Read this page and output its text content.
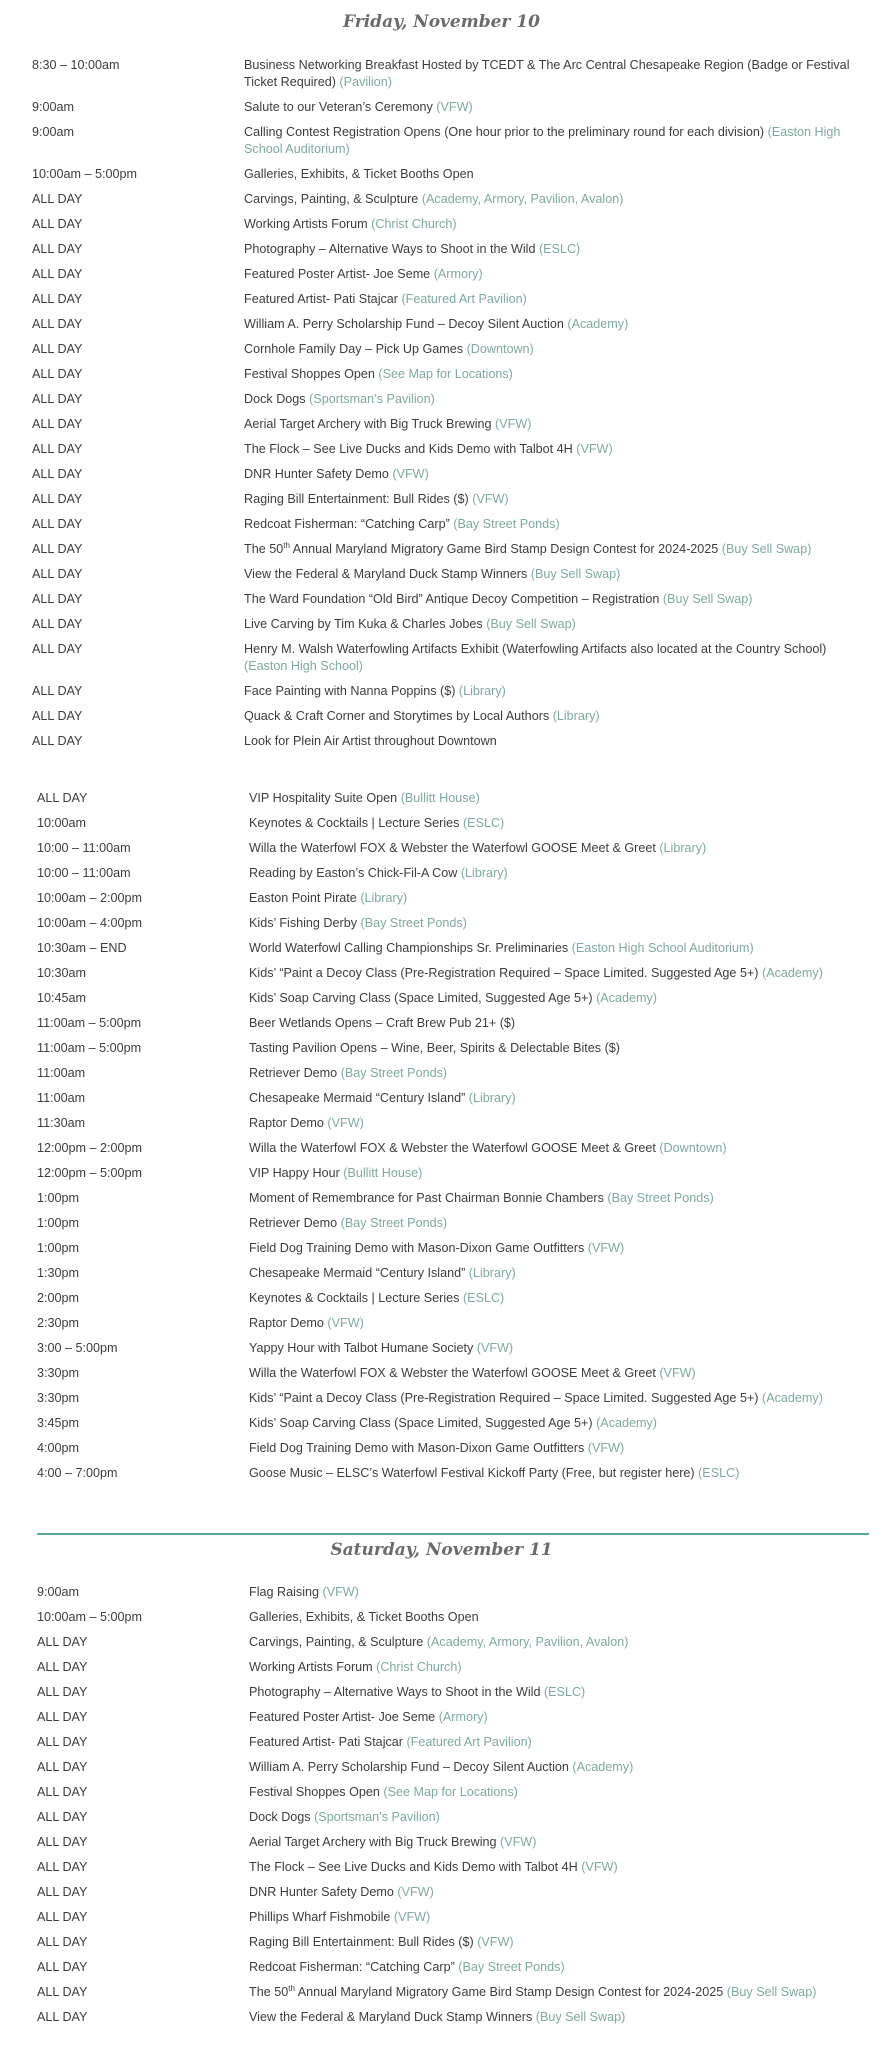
Friday, November 10
8:30 – 10:00am	Business Networking Breakfast Hosted by TCEDT & The Arc Central Chesapeake Region (Badge or Festival Ticket Required) (Pavilion)
9:00am	Salute to our Veteran’s Ceremony (VFW)
9:00am	Calling Contest Registration Opens (One hour prior to the preliminary round for each division) (Easton High School Auditorium)
10:00am – 5:00pm	Galleries, Exhibits, & Ticket Booths Open
ALL DAY	Carvings, Painting, & Sculpture (Academy, Armory, Pavilion, Avalon)
ALL DAY	Working Artists Forum (Christ Church)
ALL DAY	Photography – Alternative Ways to Shoot in the Wild (ESLC)
ALL DAY	Featured Poster Artist- Joe Seme (Armory)
ALL DAY	Featured Artist- Pati Stajcar (Featured Art Pavilion)
ALL DAY	William A. Perry Scholarship Fund – Decoy Silent Auction (Academy)
ALL DAY	Cornhole Family Day – Pick Up Games (Downtown)
ALL DAY	Festival Shoppes Open (See Map for Locations)
ALL DAY	Dock Dogs (Sportsman’s Pavilion)
ALL DAY	Aerial Target Archery with Big Truck Brewing (VFW)
ALL DAY	The Flock – See Live Ducks and Kids Demo with Talbot 4H (VFW)
ALL DAY	DNR Hunter Safety Demo (VFW)
ALL DAY	Raging Bill Entertainment: Bull Rides ($) (VFW)
ALL DAY	Redcoat Fisherman: “Catching Carp” (Bay Street Ponds)
ALL DAY	The 50th Annual Maryland Migratory Game Bird Stamp Design Contest for 2024-2025 (Buy Sell Swap)
ALL DAY	View the Federal & Maryland Duck Stamp Winners (Buy Sell Swap)
ALL DAY	The Ward Foundation “Old Bird” Antique Decoy Competition – Registration (Buy Sell Swap)
ALL DAY	Live Carving by Tim Kuka & Charles Jobes (Buy Sell Swap)
ALL DAY	Henry M. Walsh Waterfowling Artifacts Exhibit (Waterfowling Artifacts also located at the Country School) (Easton High School)
ALL DAY	Face Painting with Nanna Poppins ($) (Library)
ALL DAY	Quack & Craft Corner and Storytimes by Local Authors (Library)
ALL DAY	Look for Plein Air Artist throughout Downtown
ALL DAY	VIP Hospitality Suite Open (Bullitt House)
10:00am	Keynotes & Cocktails | Lecture Series (ESLC)
10:00 – 11:00am	Willa the Waterfowl FOX & Webster the Waterfowl GOOSE Meet & Greet (Library)
10:00 – 11:00am	Reading by Easton’s Chick-Fil-A Cow (Library)
10:00am – 2:00pm	Easton Point Pirate (Library)
10:00am – 4:00pm	Kids’ Fishing Derby (Bay Street Ponds)
10:30am – END	World Waterfowl Calling Championships Sr. Preliminaries (Easton High School Auditorium)
10:30am	Kids’ “Paint a Decoy Class (Pre-Registration Required – Space Limited. Suggested Age 5+) (Academy)
10:45am	Kids’ Soap Carving Class (Space Limited, Suggested Age 5+) (Academy)
11:00am – 5:00pm	Beer Wetlands Opens – Craft Brew Pub 21+ ($)
11:00am – 5:00pm	Tasting Pavilion Opens – Wine, Beer, Spirits & Delectable Bites ($)
11:00am	Retriever Demo (Bay Street Ponds)
11:00am	Chesapeake Mermaid “Century Island” (Library)
11:30am	Raptor Demo (VFW)
12:00pm – 2:00pm	Willa the Waterfowl FOX & Webster the Waterfowl GOOSE Meet & Greet (Downtown)
12:00pm – 5:00pm	VIP Happy Hour (Bullitt House)
1:00pm	Moment of Remembrance for Past Chairman Bonnie Chambers (Bay Street Ponds)
1:00pm	Retriever Demo (Bay Street Ponds)
1:00pm	Field Dog Training Demo with Mason-Dixon Game Outfitters (VFW)
1:30pm	Chesapeake Mermaid “Century Island” (Library)
2:00pm	Keynotes & Cocktails | Lecture Series (ESLC)
2:30pm	Raptor Demo (VFW)
3:00 – 5:00pm	Yappy Hour with Talbot Humane Society (VFW)
3:30pm	Willa the Waterfowl FOX & Webster the Waterfowl GOOSE Meet & Greet (VFW)
3:30pm	Kids’ “Paint a Decoy Class (Pre-Registration Required – Space Limited. Suggested Age 5+) (Academy)
3:45pm	Kids’ Soap Carving Class (Space Limited, Suggested Age 5+) (Academy)
4:00pm	Field Dog Training Demo with Mason-Dixon Game Outfitters (VFW)
4:00 – 7:00pm	Goose Music – ELSC’s Waterfowl Festival Kickoff Party (Free, but register here) (ESLC)
Saturday, November 11
9:00am	Flag Raising (VFW)
10:00am – 5:00pm	Galleries, Exhibits, & Ticket Booths Open
ALL DAY	Carvings, Painting, & Sculpture (Academy, Armory, Pavilion, Avalon)
ALL DAY	Working Artists Forum (Christ Church)
ALL DAY	Photography – Alternative Ways to Shoot in the Wild (ESLC)
ALL DAY	Featured Poster Artist- Joe Seme (Armory)
ALL DAY	Featured Artist- Pati Stajcar (Featured Art Pavilion)
ALL DAY	William A. Perry Scholarship Fund – Decoy Silent Auction (Academy)
ALL DAY	Festival Shoppes Open (See Map for Locations)
ALL DAY	Dock Dogs (Sportsman’s Pavilion)
ALL DAY	Aerial Target Archery with Big Truck Brewing (VFW)
ALL DAY	The Flock – See Live Ducks and Kids Demo with Talbot 4H (VFW)
ALL DAY	DNR Hunter Safety Demo (VFW)
ALL DAY	Phillips Wharf Fishmobile (VFW)
ALL DAY	Raging Bill Entertainment: Bull Rides ($) (VFW)
ALL DAY	Redcoat Fisherman: “Catching Carp” (Bay Street Ponds)
ALL DAY	The 50th Annual Maryland Migratory Game Bird Stamp Design Contest for 2024-2025 (Buy Sell Swap)
ALL DAY	View the Federal & Maryland Duck Stamp Winners (Buy Sell Swap)
